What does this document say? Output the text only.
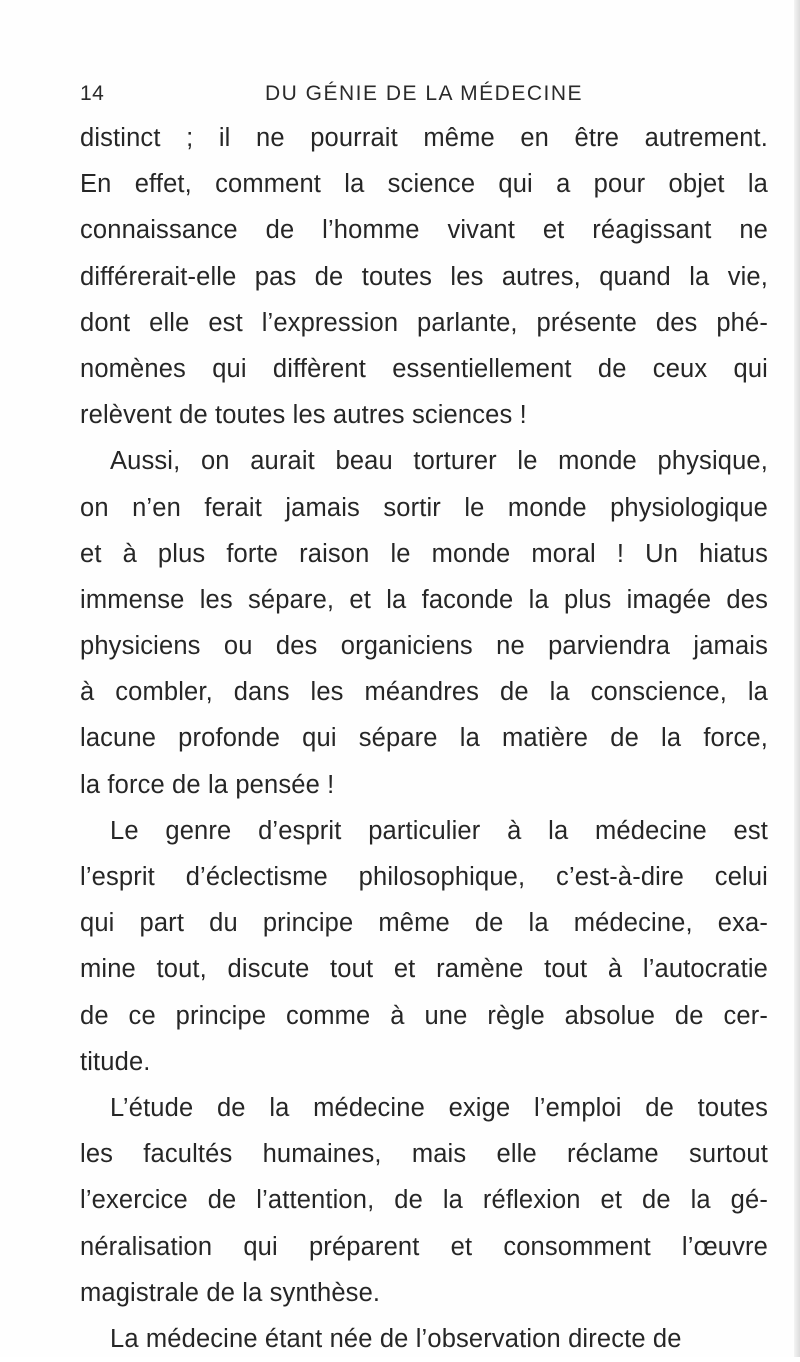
14	DU GÉNIE DE LA MÉDECINE
distinct ; il ne pourrait même en être autrement.
En effet, comment la science qui a pour objet la
connaissance de l’homme vivant et réagissant ne
différerait-elle pas de toutes les autres, quand la vie,
dont elle est l’expression parlante, présente des phé-
nomènes qui diffèrent essentiellement de ceux qui
relèvent de toutes les autres sciences !
Aussi, on aurait beau torturer le monde physique,
on n’en ferait jamais sortir le monde physiologique
et à plus forte raison le monde moral ! Un hiatus
immense les sépare, et la faconde la plus imagée des
physiciens ou des organiciens ne parviendra jamais
à combler, dans les méandres de la conscience, la
lacune profonde qui sépare la matière de la force,
la force de la pensée !
Le genre d’esprit particulier à la médecine est
l’esprit d’éclectisme philosophique, c’est-à-dire celui
qui part du principe même de la médecine, exa-
mine tout, discute tout et ramène tout à l’autocratie
de ce principe comme à une règle absolue de cer-
titude.
L’étude de la médecine exige l’emploi de toutes
les facultés humaines, mais elle réclame surtout
l’exercice de l’attention, de la réflexion et de la gé-
néralisation qui préparent et consomment l’œuvre
magistrale de la synthèse.
La médecine étant née de l’observation directe de
